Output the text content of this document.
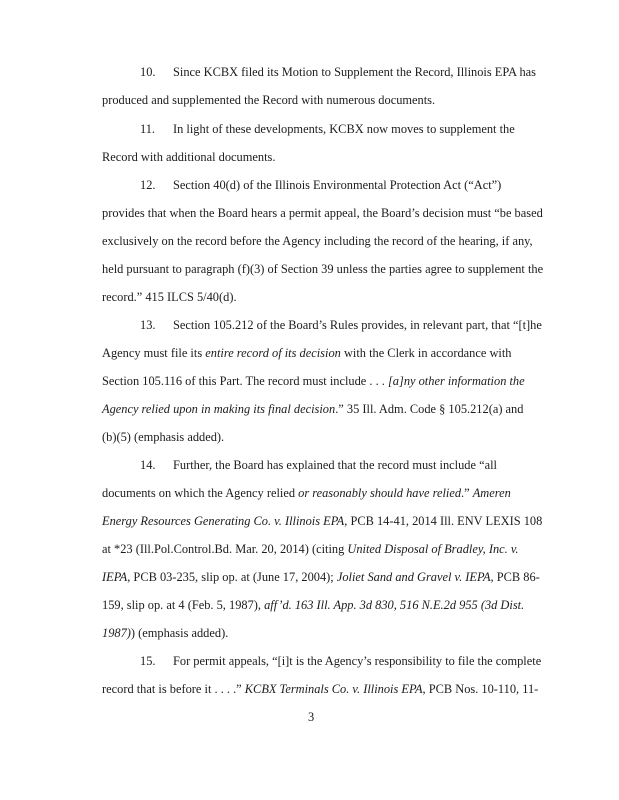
10. Since KCBX filed its Motion to Supplement the Record, Illinois EPA has
produced and supplemented the Record with numerous documents.
11. In light of these developments, KCBX now moves to supplement the
Record with additional documents.
12. Section 40(d) of the Illinois Environmental Protection Act (“Act”)
provides that when the Board hears a permit appeal, the Board’s decision must “be based
exclusively on the record before the Agency including the record of the hearing, if any,
held pursuant to paragraph (f)(3) of Section 39 unless the parties agree to supplement the
record.” 415 ILCS 5/40(d).
13. Section 105.212 of the Board’s Rules provides, in relevant part, that “[t]he
Agency must file its entire record of its decision with the Clerk in accordance with
Section 105.116 of this Part. The record must include . . . [a]ny other information the
Agency relied upon in making its final decision.” 35 Ill. Adm. Code § 105.212(a) and
(b)(5) (emphasis added).
14. Further, the Board has explained that the record must include “all
documents on which the Agency relied or reasonably should have relied.” Ameren
Energy Resources Generating Co. v. Illinois EPA, PCB 14-41, 2014 Ill. ENV LEXIS 108
at *23 (Ill.Pol.Control.Bd. Mar. 20, 2014) (citing United Disposal of Bradley, Inc. v.
IEPA, PCB 03-235, slip op. at (June 17, 2004); Joliet Sand and Gravel v. IEPA, PCB 86-
159, slip op. at 4 (Feb. 5, 1987), aff’d. 163 Ill. App. 3d 830, 516 N.E.2d 955 (3d Dist.
1987)) (emphasis added).
15. For permit appeals, “[i]t is the Agency’s responsibility to file the complete
record that is before it . . . .” KCBX Terminals Co. v. Illinois EPA, PCB Nos. 10-110, 11-
3
